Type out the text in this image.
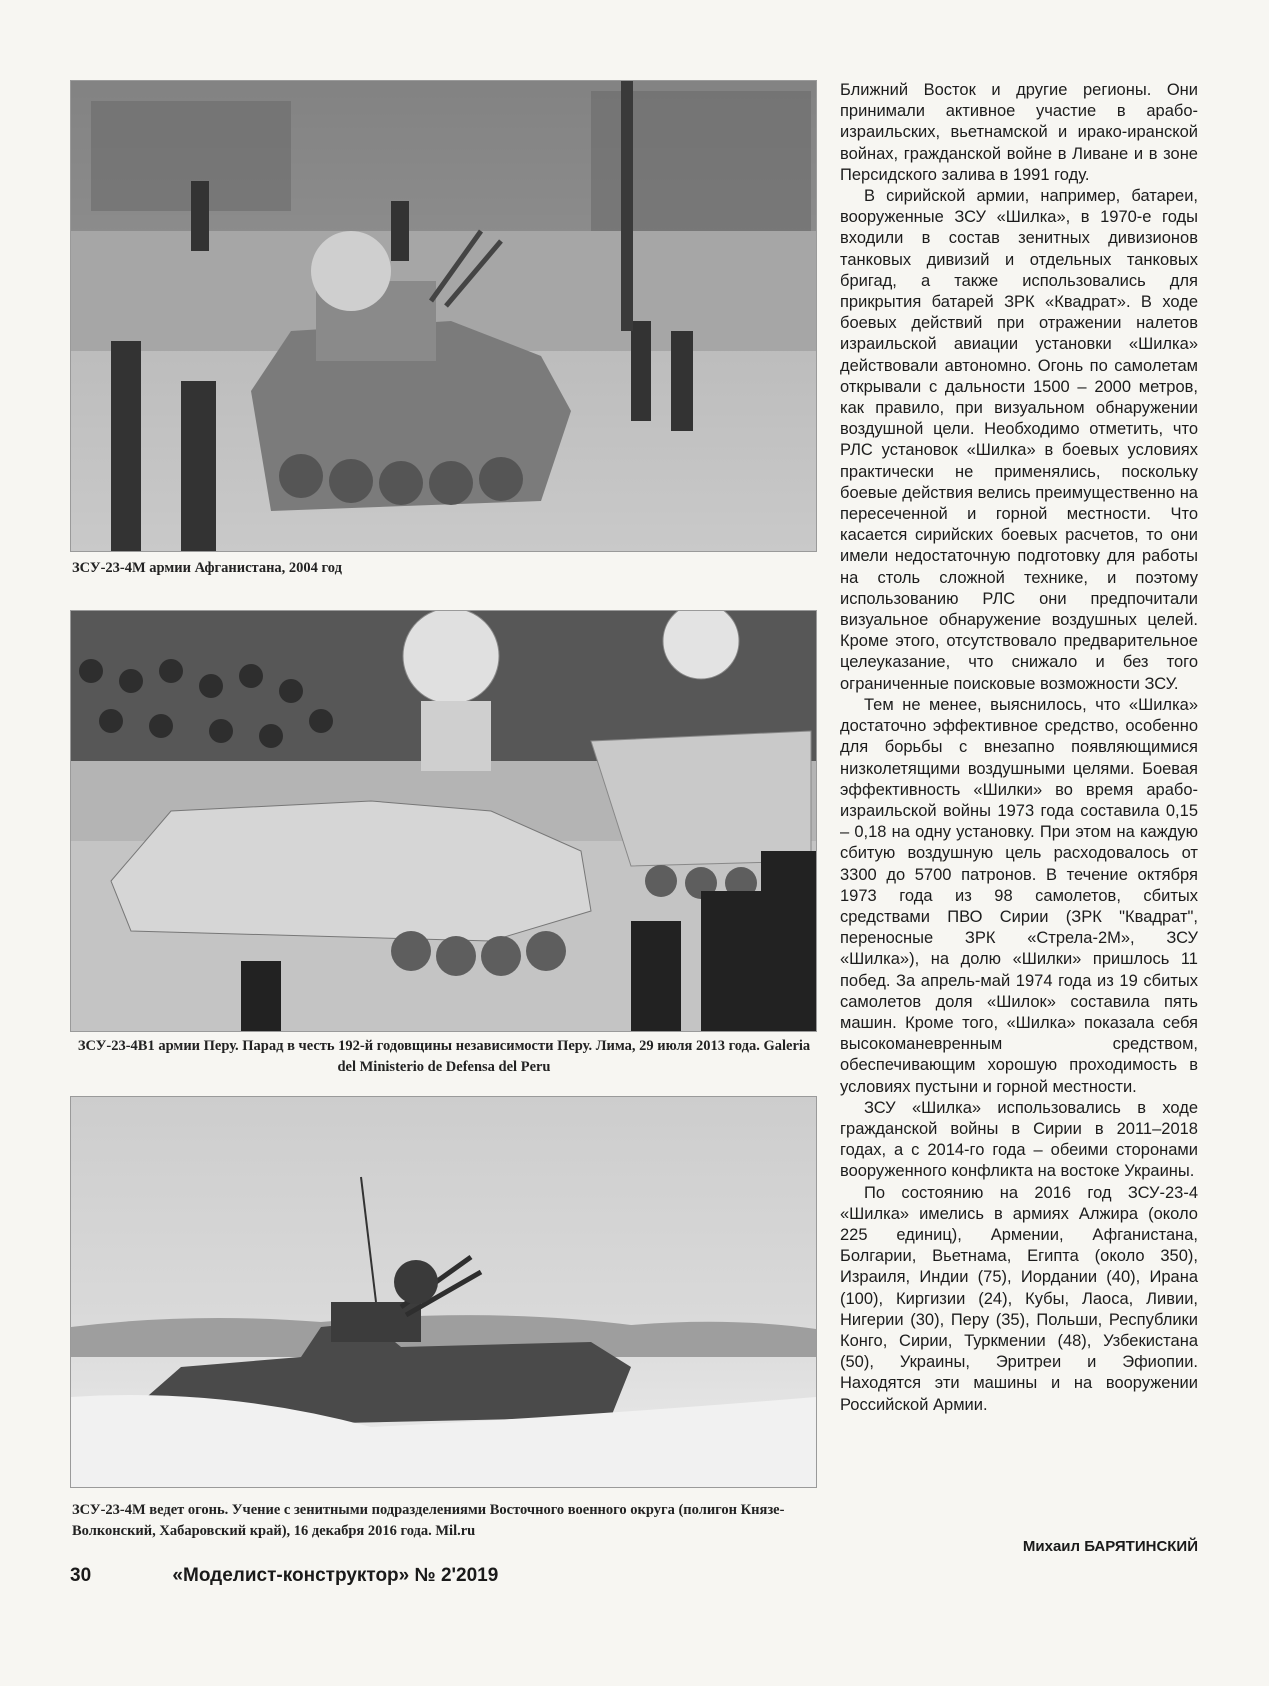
ЗСУ-23-4М армии Афганистана, 2004 год
ЗСУ-23-4В1 армии Перу. Парад в честь 192-й годовщины независимости Перу. Лима, 29 июля 2013 года. Galeria del Ministerio de Defensa del Peru
ЗСУ-23-4М ведет огонь. Учение с зенитными подразделениями Восточного военного округа (полигон Князе-Волконский, Хабаровский край), 16 декабря 2016 года. Mil.ru

Ближний Восток и другие регионы. Они принимали активное участие в арабо-израильских, вьетнамской и ирако-иранской войнах, гражданской войне в Ливане и в зоне Персидского залива в 1991 году.

В сирийской армии, например, батареи, вооруженные ЗСУ «Шилка», в 1970-е годы входили в состав зенитных дивизионов танковых дивизий и отдельных танковых бригад, а также использовались для прикрытия батарей ЗРК «Квадрат». В ходе боевых действий при отражении налетов израильской авиации установки «Шилка» действовали автономно. Огонь по самолетам открывали с дальности 1500 – 2000 метров, как правило, при визуальном обнаружении воздушной цели. Необходимо отметить, что РЛС установок «Шилка» в боевых условиях практически не применялись, поскольку боевые действия велись преимущественно на пересеченной и горной местности. Что касается сирийских боевых расчетов, то они имели недостаточную подготовку для работы на столь сложной технике, и поэтому использованию РЛС они предпочитали визуальное обнаружение воздушных целей. Кроме этого, отсутствовало предварительное целеуказание, что снижало и без того ограниченные поисковые возможности ЗСУ.

Тем не менее, выяснилось, что «Шилка» достаточно эффективное средство, особенно для борьбы с внезапно появляющимися низколетящими воздушными целями. Боевая эффективность «Шилки» во время арабо-израильской войны 1973 года составила 0,15 – 0,18 на одну установку. При этом на каждую сбитую воздушную цель расходовалось от 3300 до 5700 патронов. В течение октября 1973 года из 98 самолетов, сбитых средствами ПВО Сирии (ЗРК "Квадрат", переносные ЗРК «Стрела-2М», ЗСУ «Шилка»), на долю «Шилки» пришлось 11 побед. За апрель-май 1974 года из 19 сбитых самолетов доля «Шилок» составила пять машин. Кроме того, «Шилка» показала себя высокоманевренным средством, обеспечивающим хорошую проходимость в условиях пустыни и горной местности.

ЗСУ «Шилка» использовались в ходе гражданской войны в Сирии в 2011–2018 годах, а с 2014-го года – обеими сторонами вооруженного конфликта на востоке Украины.

По состоянию на 2016 год ЗСУ-23-4 «Шилка» имелись в армиях Алжира (около 225 единиц), Армении, Афганистана, Болгарии, Вьетнама, Египта (около 350), Израиля, Индии (75), Иордании (40), Ирана (100), Киргизии (24), Кубы, Лаоса, Ливии, Нигерии (30), Перу (35), Польши, Республики Конго, Сирии, Туркмении (48), Узбекистана (50), Украины, Эритреи и Эфиопии. Находятся эти машины и на вооружении Российской Армии.

Михаил БАРЯТИНСКИЙ
30	«Моделист-конструктор» № 2'2019
